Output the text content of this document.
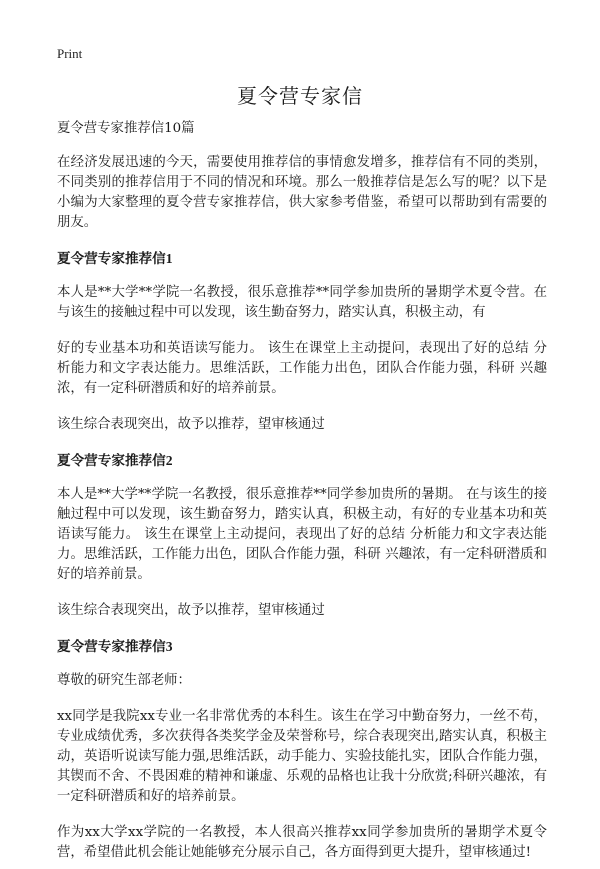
Print
夏令营专家信

夏令营专家推荐信10篇

在经济发展迅速的今天，需要使用推荐信的事情愈发增多，推荐信有不同的类别，不同类别的推荐信用于不同的情况和环境。那么一般推荐信是怎么写的呢？以下是小编为大家整理的夏令营专家推荐信，供大家参考借鉴，希望可以帮助到有需要的朋友。

夏令营专家推荐信1

本人是**大学**学院一名教授，很乐意推荐**同学参加贵所的暑期学术夏令营。在与该生的接触过程中可以发现，该生勤奋努力，踏实认真，积极主动，有

好的专业基本功和英语读写能力。 该生在课堂上主动提问，表现出了好的总结 分析能力和文字表达能力。思维活跃，工作能力出色，团队合作能力强，科研 兴趣浓，有一定科研潜质和好的培养前景。

该生综合表现突出，故予以推荐，望审核通过

夏令营专家推荐信2

本人是**大学**学院一名教授，很乐意推荐**同学参加贵所的暑期。 在与该生的接触过程中可以发现，该生勤奋努力，踏实认真，积极主动，有好的专业基本功和英语读写能力。 该生在课堂上主动提问，表现出了好的总结 分析能力和文字表达能力。思维活跃，工作能力出色，团队合作能力强，科研 兴趣浓，有一定科研潜质和好的培养前景。

该生综合表现突出，故予以推荐，望审核通过

夏令营专家推荐信3

尊敬的研究生部老师：

xx同学是我院xx专业一名非常优秀的本科生。该生在学习中勤奋努力，一丝不苟，专业成绩优秀，多次获得各类奖学金及荣誉称号，综合表现突出,踏实认真，积极主动，英语听说读写能力强,思维活跃，动手能力、实验技能扎实，团队合作能力强，其锲而不舍、不畏困难的精神和谦虚、乐观的品格也让我十分欣赏;科研兴趣浓，有一定科研潜质和好的培养前景。

作为xx大学xx学院的一名教授，本人很高兴推荐xx同学参加贵所的暑期学术夏令营，希望借此机会能让她能够充分展示自己，各方面得到更大提升，望审核通过!
